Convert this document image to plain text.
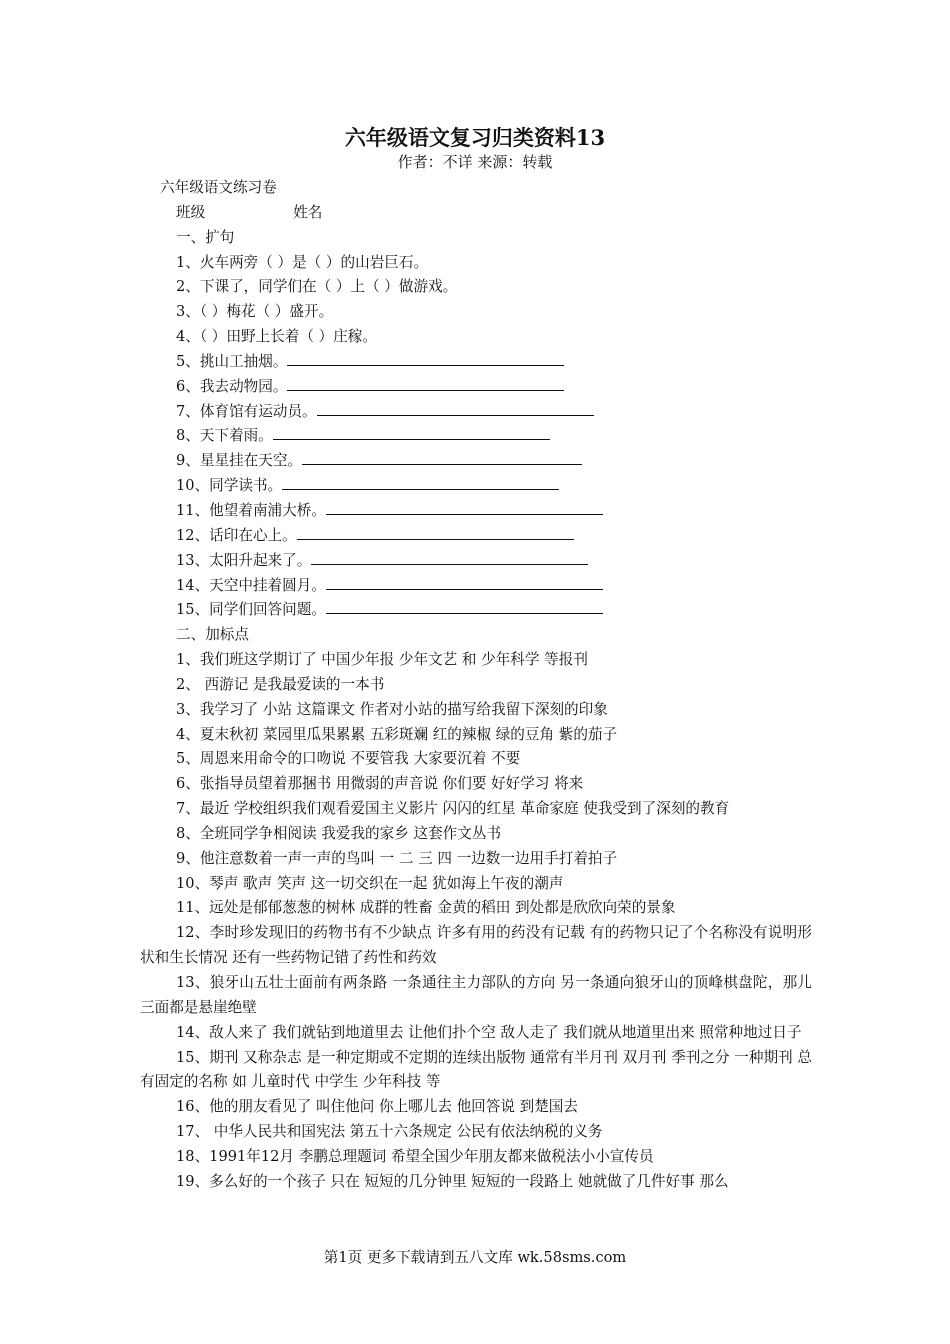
六年级语文复习归类资料13
作者：不详 来源：转载
六年级语文练习卷
班级	姓名
一、扩句
1、火车两旁（ ）是（ ）的山岩巨石。
2、下课了，同学们在（ ）上（ ）做游戏。
3、（ ）梅花（ ）盛开。
4、（ ）田野上长着（ ）庄稼。
5、挑山工抽烟。
6、我去动物园。
7、体育馆有运动员。
8、天下着雨。
9、星星挂在天空。
10、同学读书。
11、他望着南浦大桥。
12、话印在心上。
13、太阳升起来了。
14、天空中挂着圆月。
15、同学们回答问题。
二、加标点
1、我们班这学期订了 中国少年报 少年文艺 和 少年科学 等报刊
2、 西游记 是我最爱读的一本书
3、我学习了 小站 这篇课文 作者对小站的描写给我留下深刻的印象
4、夏末秋初 菜园里瓜果累累 五彩斑斓 红的辣椒 绿的豆角 紫的茄子
5、周恩来用命令的口吻说 不要管我 大家要沉着 不要
6、张指导员望着那捆书 用微弱的声音说 你们要 好好学习 将来
7、最近 学校组织我们观看爱国主义影片 闪闪的红星 革命家庭 使我受到了深刻的教育
8、全班同学争相阅读 我爱我的家乡 这套作文丛书
9、他注意数着一声一声的鸟叫 一 二 三 四 一边数一边用手打着拍子
10、琴声 歌声 笑声 这一切交织在一起 犹如海上午夜的潮声
11、远处是郁郁葱葱的树林 成群的牲畜 金黄的稻田 到处都是欣欣向荣的景象
12、李时珍发现旧的药物书有不少缺点 许多有用的药没有记载 有的药物只记了个名称没有说明形状和生长情况 还有一些药物记错了药性和药效
13、狼牙山五壮士面前有两条路 一条通往主力部队的方向 另一条通向狼牙山的顶峰棋盘陀，那儿三面都是悬崖绝壁
14、敌人来了 我们就钻到地道里去 让他们扑个空 敌人走了 我们就从地道里出来 照常种地过日子
15、期刊 又称杂志 是一种定期或不定期的连续出版物 通常有半月刊 双月刊 季刊之分 一种期刊 总有固定的名称 如 儿童时代 中学生 少年科技 等
16、他的朋友看见了 叫住他问 你上哪儿去 他回答说 到楚国去
17、 中华人民共和国宪法 第五十六条规定 公民有依法纳税的义务
18、1991年12月 李鹏总理题词 希望全国少年朋友都来做税法小小宣传员
19、多么好的一个孩子 只在 短短的几分钟里 短短的一段路上 她就做了几件好事 那么
第1页 更多下载请到五八文库 wk.58sms.com
